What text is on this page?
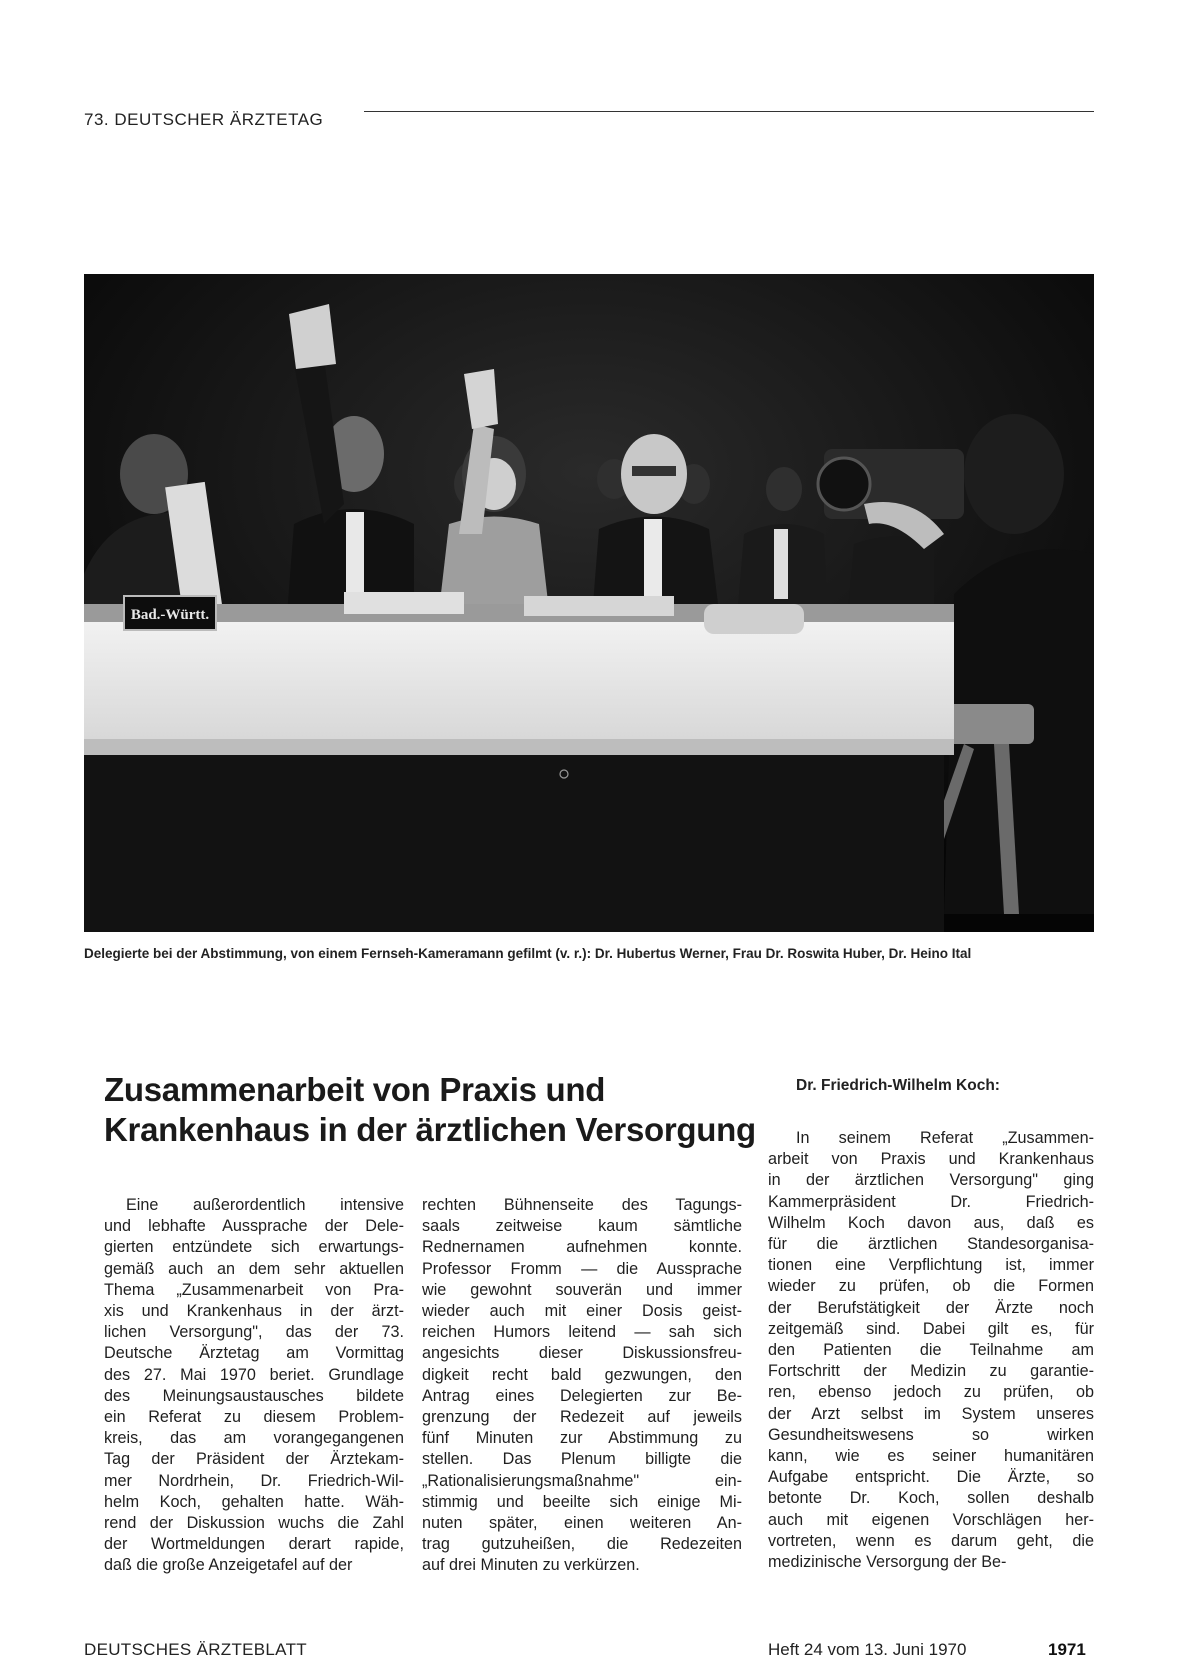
73. DEUTSCHER ÄRZTETAG
Bad.-Württ.
Delegierte bei der Abstimmung, von einem Fernseh-Kameramann gefilmt (v. r.): Dr. Hubertus Werner, Frau Dr. Roswita Huber, Dr. Heino Ital
Zusammenarbeit von Praxis und
Krankenhaus in der ärztlichen Versorgung
Dr. Friedrich-Wilhelm Koch:
Eine außerordentlich intensive
und lebhafte Aussprache der Dele-
gierten entzündete sich erwartungs-
gemäß auch an dem sehr aktuellen
Thema „Zusammenarbeit von Pra-
xis und Krankenhaus in der ärzt-
lichen Versorgung", das der 73.
Deutsche Ärztetag am Vormittag
des 27. Mai 1970 beriet. Grundlage
des Meinungsaustausches bildete
ein Referat zu diesem Problem-
kreis, das am vorangegangenen
Tag der Präsident der Ärztekam-
mer Nordrhein, Dr. Friedrich-Wil-
helm Koch, gehalten hatte. Wäh-
rend der Diskussion wuchs die Zahl
der Wortmeldungen derart rapide,
daß die große Anzeigetafel auf der
rechten Bühnenseite des Tagungs-
saals zeitweise kaum sämtliche
Rednernamen aufnehmen konnte.
Professor Fromm — die Aussprache
wie gewohnt souverän und immer
wieder auch mit einer Dosis geist-
reichen Humors leitend — sah sich
angesichts dieser Diskussionsfreu-
digkeit recht bald gezwungen, den
Antrag eines Delegierten zur Be-
grenzung der Redezeit auf jeweils
fünf Minuten zur Abstimmung zu
stellen. Das Plenum billigte die
„Rationalisierungsmaßnahme" ein-
stimmig und beeilte sich einige Mi-
nuten später, einen weiteren An-
trag gutzuheißen, die Redezeiten
auf drei Minuten zu verkürzen.
In seinem Referat „Zusammen-
arbeit von Praxis und Krankenhaus
in der ärztlichen Versorgung" ging
Kammerpräsident Dr. Friedrich-
Wilhelm Koch davon aus, daß es
für die ärztlichen Standesorganisa-
tionen eine Verpflichtung ist, immer
wieder zu prüfen, ob die Formen
der Berufstätigkeit der Ärzte noch
zeitgemäß sind. Dabei gilt es, für
den Patienten die Teilnahme am
Fortschritt der Medizin zu garantie-
ren, ebenso jedoch zu prüfen, ob
der Arzt selbst im System unseres
Gesundheitswesens so wirken
kann, wie es seiner humanitären
Aufgabe entspricht. Die Ärzte, so
betonte Dr. Koch, sollen deshalb
auch mit eigenen Vorschlägen her-
vortreten, wenn es darum geht, die
medizinische Versorgung der Be-
DEUTSCHES ÄRZTEBLATT	Heft 24 vom 13. Juni 1970	1971
